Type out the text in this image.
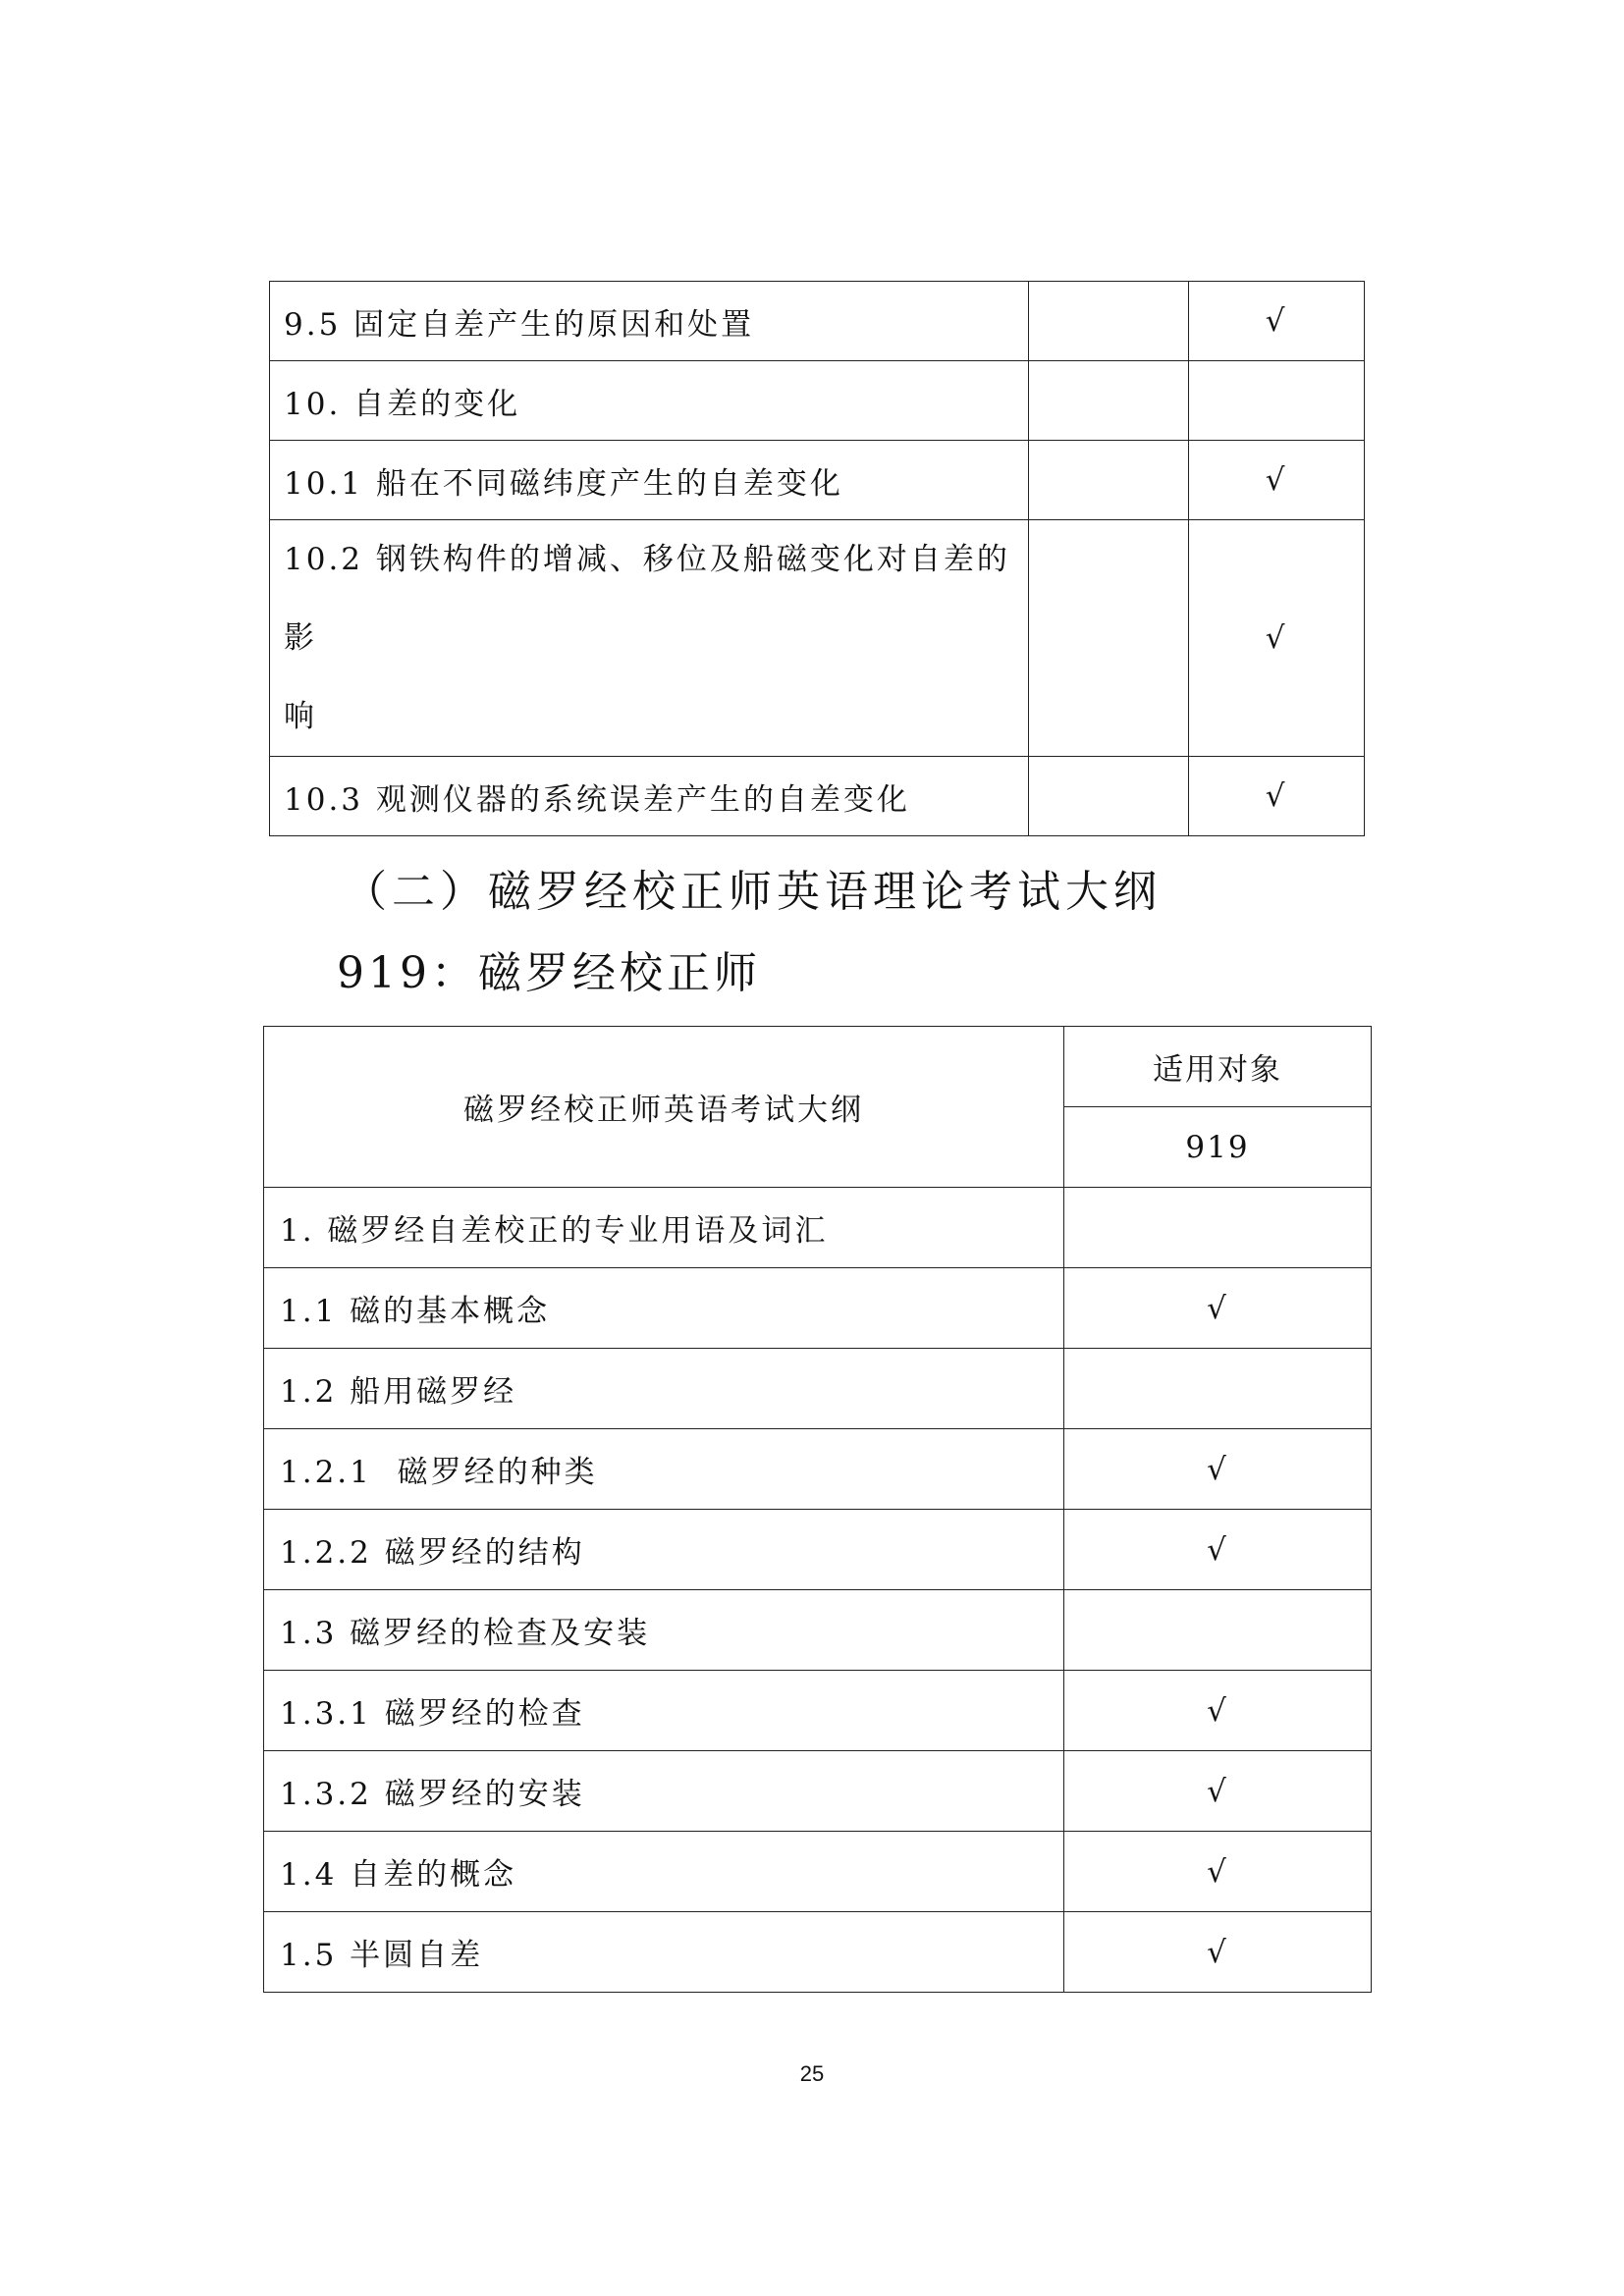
9.5 固定自差产生的原因和处置		√
10. 自差的变化		
10.1 船在不同磁纬度产生的自差变化		√
10.2 钢铁构件的增减、移位及船磁变化对自差的影
响		√
10.3 观测仪器的系统误差产生的自差变化		√
（二）磁罗经校正师英语理论考试大纲
919：磁罗经校正师
磁罗经校正师英语考试大纲	适用对象
	919
1. 磁罗经自差校正的专业用语及词汇	
1.1 磁的基本概念	√
1.2 船用磁罗经	
1.2.1  磁罗经的种类	√
1.2.2 磁罗经的结构	√
1.3 磁罗经的检查及安装	
1.3.1 磁罗经的检查	√
1.3.2 磁罗经的安装	√
1.4 自差的概念	√
1.5 半圆自差	√
25
